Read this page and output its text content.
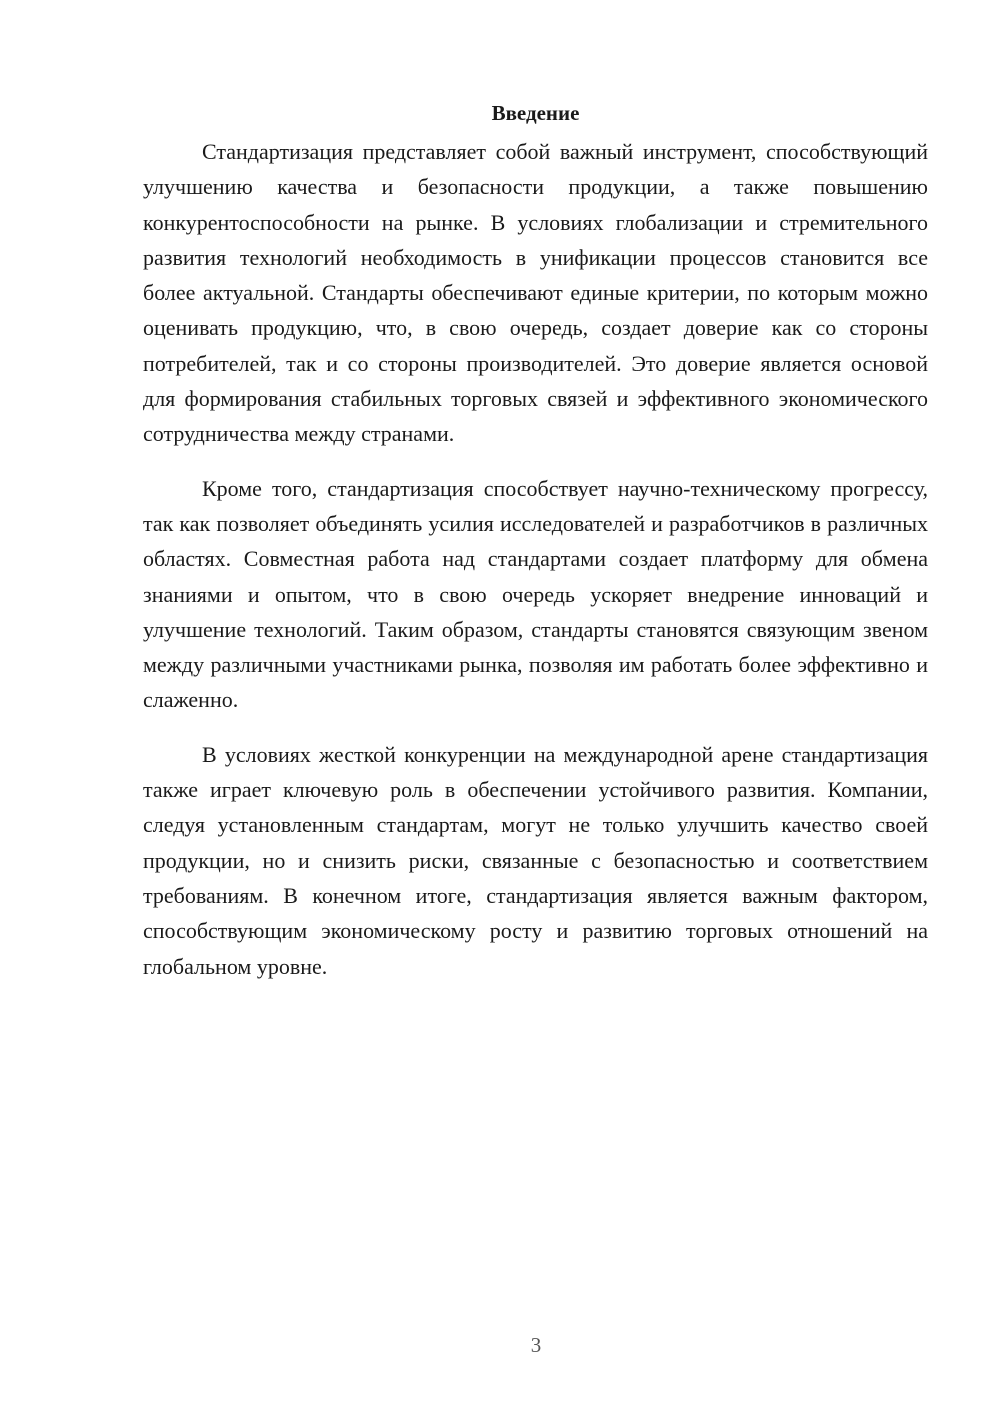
Введение

Стандартизация представляет собой важный инструмент, способствующий улучшению качества и безопасности продукции, а также повышению конкурентоспособности на рынке. В условиях глобализации и стремительного развития технологий необходимость в унификации процессов становится все более актуальной. Стандарты обеспечивают единые критерии, по которым можно оценивать продукцию, что, в свою очередь, создает доверие как со стороны потребителей, так и со стороны производителей. Это доверие является основой для формирования стабильных торговых связей и эффективного экономического сотрудничества между странами.

Кроме того, стандартизация способствует научно-техническому прогрессу, так как позволяет объединять усилия исследователей и разработчиков в различных областях. Совместная работа над стандартами создает платформу для обмена знаниями и опытом, что в свою очередь ускоряет внедрение инноваций и улучшение технологий. Таким образом, стандарты становятся связующим звеном между различными участниками рынка, позволяя им работать более эффективно и слаженно.

В условиях жесткой конкуренции на международной арене стандартизация также играет ключевую роль в обеспечении устойчивого развития. Компании, следуя установленным стандартам, могут не только улучшить качество своей продукции, но и снизить риски, связанные с безопасностью и соответствием требованиям. В конечном итоге, стандартизация является важным фактором, способствующим экономическому росту и развитию торговых отношений на глобальном уровне.

3
